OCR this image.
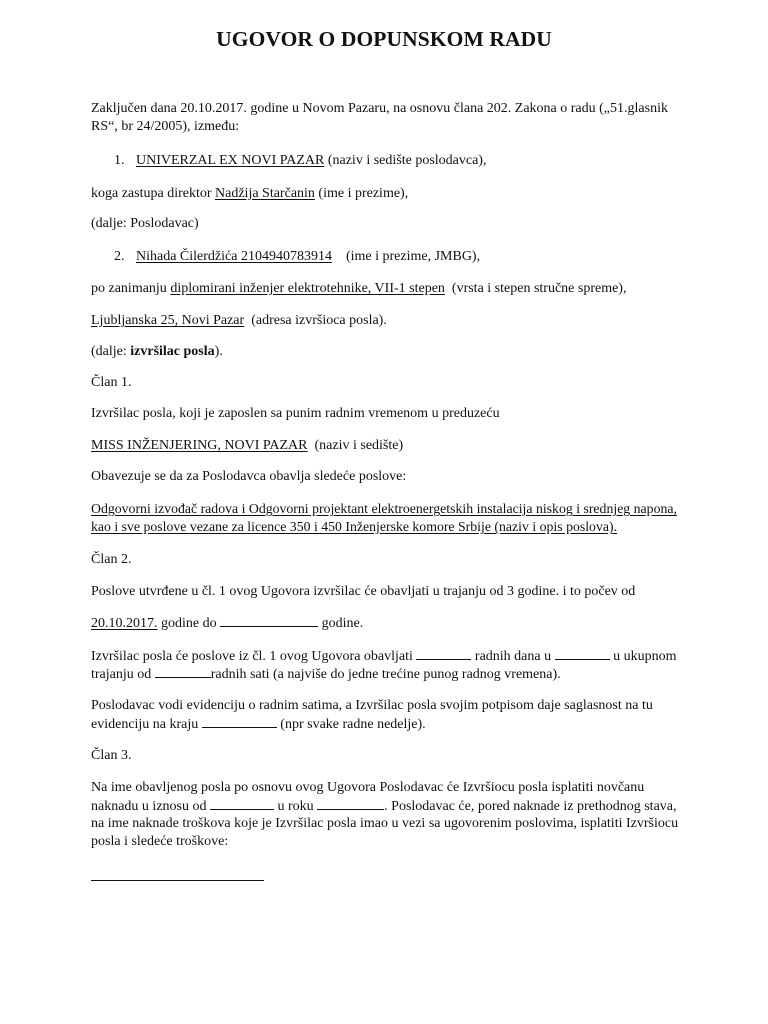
UGOVOR O DOPUNSKOM RADU
Zaključen dana 20.10.2017. godine u Novom Pazaru, na osnovu člana 202. Zakona o radu („51.glasnik
RS“, br 24/2005), između:
1. UNIVERZAL EX NOVI PAZAR (naziv i sedište poslodavca),
koga zastupa direktor Nadžija Starčanin (ime i prezime),
(dalje: Poslodavac)
2. Nihada Čilerdžića 2104940783914    (ime i prezime, JMBG),
po zanimanju diplomirani inženjer elektrotehnike, VII-1 stepen  (vrsta i stepen stručne spreme),
Ljubljanska 25, Novi Pazar  (adresa izvršioca posla).
(dalje: izvršilac posla).
Član 1.
Izvršilac posla, koji je zaposlen sa punim radnim vremenom u preduzeću
MISS INŽENJERING, NOVI PAZAR  (naziv i sedište)
Obavezuje se da za Poslodavca obavlja sledeće poslove:
Odgovorni izvođač radova i Odgovorni projektant elektroenergetskih instalacija niskog i srednjeg napona,
kao i sve poslove vezane za licence 350 i 450 Inženjerske komore Srbije (naziv i opis poslova).
Član 2.
Poslove utvrđene u čl. 1 ovog Ugovora izvršilac će obavljati u trajanju od 3 godine. i to počev od
20.10.2017. godine do	godine.
Izvršilac posla će poslove iz čl. 1 ovog Ugovora obavljati	radnih dana u	u ukupnom
trajanju od	radnih sati (a najviše do jedne trećine punog radnog vremena).
Poslodavac vodi evidenciju o radnim satima, a Izvršilac posla svojim potpisom daje saglasnost na tu
evidenciju na kraju	(npr svake radne nedelje).
Član 3.
Na ime obavljenog posla po osnovu ovog Ugovora Poslodavac će Izvršiocu posla isplatiti novčanu
naknadu u iznosu od	u roku	. Poslodavac će, pored naknade iz prethodnog stava,
na ime naknade troškova koje je Izvršilac posla imao u vezi sa ugovorenim poslovima, isplatiti Izvršiocu
posla i sledeće troškove:
